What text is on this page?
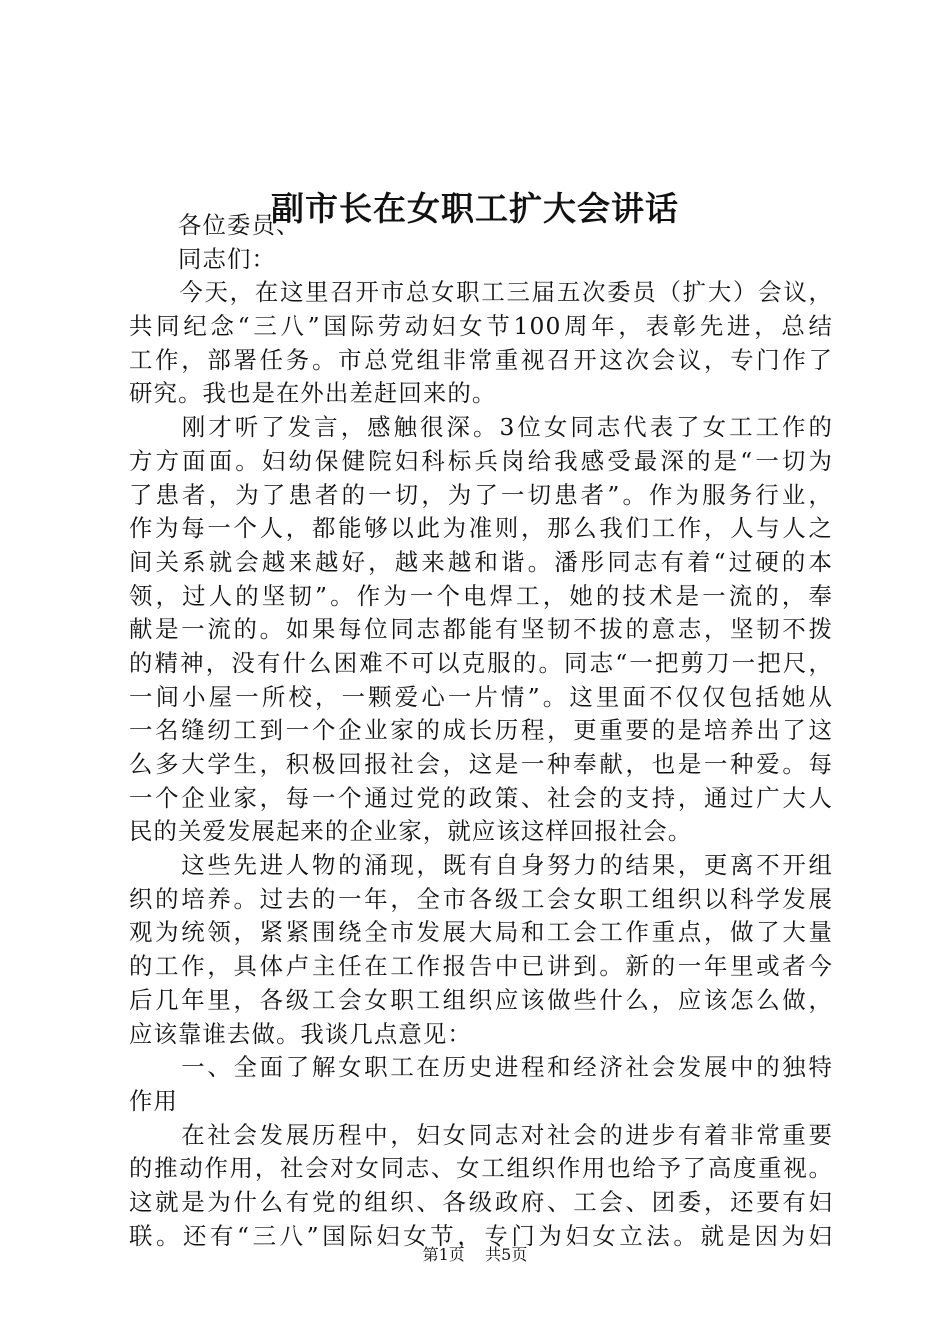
副市长在女职工扩大会讲话
　　各位委员、
　　同志们：
　　今天，在这里召开市总女职工三届五次委员（扩大）会议，
共同纪念“三八”国际劳动妇女节100周年，表彰先进，总结
工作，部署任务。市总党组非常重视召开这次会议，专门作了
研究。我也是在外出差赶回来的。
　　刚才听了发言，感触很深。3位女同志代表了女工工作的
方方面面。妇幼保健院妇科标兵岗给我感受最深的是“一切为
了患者，为了患者的一切，为了一切患者”。作为服务行业，
作为每一个人，都能够以此为准则，那么我们工作，人与人之
间关系就会越来越好，越来越和谐。潘彤同志有着“过硬的本
领，过人的坚韧”。作为一个电焊工，她的技术是一流的，奉
献是一流的。如果每位同志都能有坚韧不拔的意志，坚韧不拨
的精神，没有什么困难不可以克服的。同志“一把剪刀一把尺，
一间小屋一所校，一颗爱心一片情”。这里面不仅仅包括她从
一名缝纫工到一个企业家的成长历程，更重要的是培养出了这
么多大学生，积极回报社会，这是一种奉献，也是一种爱。每
一个企业家，每一个通过党的政策、社会的支持，通过广大人
民的关爱发展起来的企业家，就应该这样回报社会。
　　这些先进人物的涌现，既有自身努力的结果，更离不开组
织的培养。过去的一年，全市各级工会女职工组织以科学发展
观为统领，紧紧围绕全市发展大局和工会工作重点，做了大量
的工作，具体卢主任在工作报告中已讲到。新的一年里或者今
后几年里，各级工会女职工组织应该做些什么，应该怎么做，
应该靠谁去做。我谈几点意见：
　　一、全面了解女职工在历史进程和经济社会发展中的独特
作用
　　在社会发展历程中，妇女同志对社会的进步有着非常重要
的推动作用，社会对女同志、女工组织作用也给予了高度重视。
这就是为什么有党的组织、各级政府、工会、团委，还要有妇
联。还有“三八”国际妇女节，专门为妇女立法。就是因为妇
第1页 共5页
